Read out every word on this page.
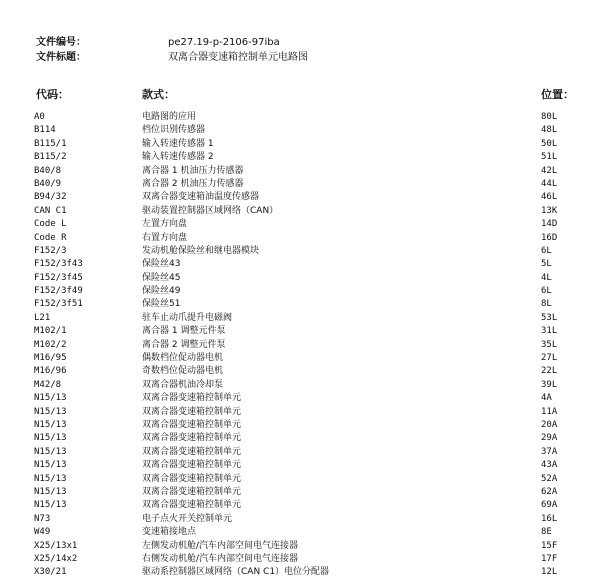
文件编号：	pe27.19-p-2106-97iba
文件标题：	双离合器变速箱控制单元电路图
代码：	款式：	位置：
A0	电路图的应用	80L
B114	档位识别传感器	48L
B115/1	输入转速传感器 1	50L
B115/2	输入转速传感器 2	51L
B40/8	离合器 1 机油压力传感器	42L
B40/9	离合器 2 机油压力传感器	44L
B94/32	双离合器变速箱油温度传感器	46L
CAN C1	驱动装置控制器区域网络（CAN）	13K
Code L	左置方向盘	14D
Code R	右置方向盘	16D
F152/3	发动机舱保险丝和继电器模块	6L
F152/3f43	保险丝43	5L
F152/3f45	保险丝45	4L
F152/3f49	保险丝49	6L
F152/3f51	保险丝51	8L
L21	驻车止动爪提升电磁阀	53L
M102/1	离合器 1 调整元件泵	31L
M102/2	离合器 2 调整元件泵	35L
M16/95	偶数档位促动器电机	27L
M16/96	奇数档位促动器电机	22L
M42/8	双离合器机油冷却泵	39L
N15/13	双离合器变速箱控制单元	4A
N15/13	双离合器变速箱控制单元	11A
N15/13	双离合器变速箱控制单元	20A
N15/13	双离合器变速箱控制单元	29A
N15/13	双离合器变速箱控制单元	37A
N15/13	双离合器变速箱控制单元	43A
N15/13	双离合器变速箱控制单元	52A
N15/13	双离合器变速箱控制单元	62A
N15/13	双离合器变速箱控制单元	69A
N73	电子点火开关控制单元	16L
W49	变速箱接地点	8E
X25/13x1	左侧发动机舱/汽车内部空间电气连接器	15F
X25/14x2	右侧发动机舱/汽车内部空间电气连接器	17F
X30/21	驱动系控制器区域网络（CAN C1）电位分配器	12L
